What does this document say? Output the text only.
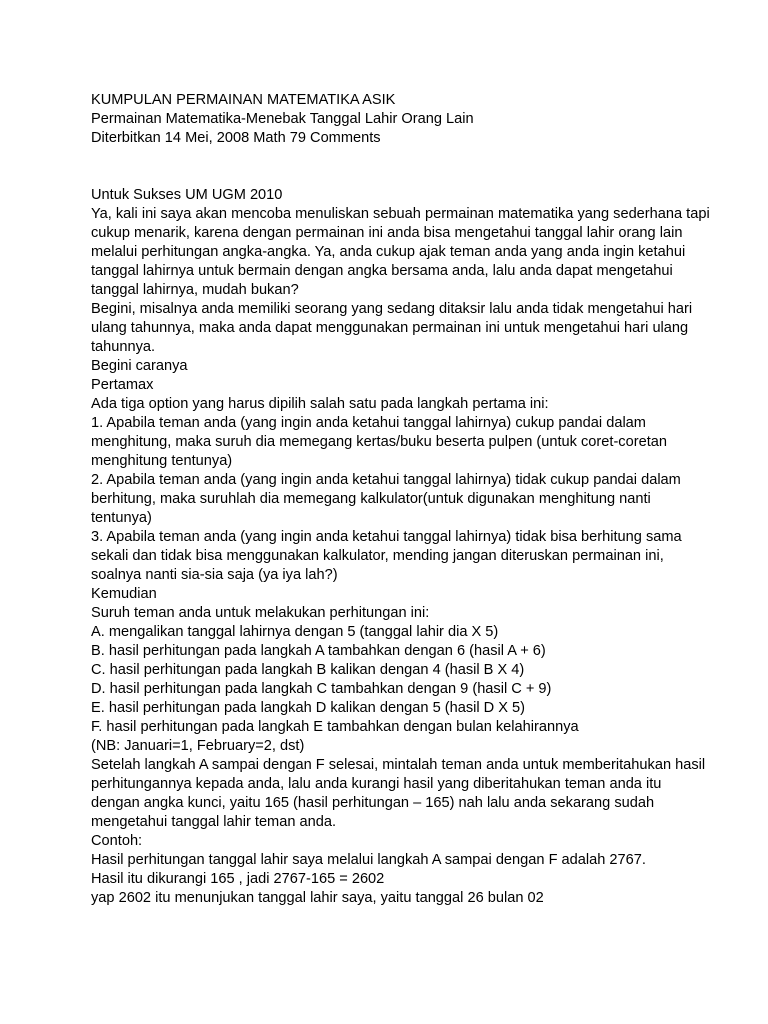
KUMPULAN PERMAINAN MATEMATIKA ASIK
Permainan Matematika-Menebak Tanggal Lahir Orang Lain
Diterbitkan 14 Mei, 2008 Math 79 Comments
Untuk Sukses UM UGM 2010
Ya, kali ini saya akan mencoba menuliskan sebuah permainan matematika yang sederhana tapi
cukup menarik, karena dengan permainan ini anda bisa mengetahui tanggal lahir orang lain
melalui perhitungan angka-angka. Ya, anda cukup ajak teman anda yang anda ingin ketahui
tanggal lahirnya untuk bermain dengan angka bersama anda, lalu anda dapat mengetahui
tanggal lahirnya, mudah bukan?
Begini, misalnya anda memiliki seorang yang sedang ditaksir lalu anda tidak mengetahui hari
ulang tahunnya, maka anda dapat menggunakan permainan ini untuk mengetahui hari ulang
tahunnya.
Begini caranya
Pertamax
Ada tiga option yang harus dipilih salah satu pada langkah pertama ini:
1. Apabila teman anda (yang ingin anda ketahui tanggal lahirnya) cukup pandai dalam
menghitung, maka suruh dia memegang kertas/buku beserta pulpen (untuk coret-coretan
menghitung tentunya)
2. Apabila teman anda (yang ingin anda ketahui tanggal lahirnya) tidak cukup pandai dalam
berhitung, maka suruhlah dia memegang kalkulator(untuk digunakan menghitung nanti
tentunya)
3. Apabila teman anda (yang ingin anda ketahui tanggal lahirnya) tidak bisa berhitung sama
sekali dan tidak bisa menggunakan kalkulator, mending jangan diteruskan permainan ini,
soalnya nanti sia-sia saja (ya iya lah?)
Kemudian
Suruh teman anda untuk melakukan perhitungan ini:
A. mengalikan tanggal lahirnya dengan 5 (tanggal lahir dia X 5)
B. hasil perhitungan pada langkah A tambahkan dengan 6 (hasil A + 6)
C. hasil perhitungan pada langkah B kalikan dengan 4 (hasil B X 4)
D. hasil perhitungan pada langkah C tambahkan dengan 9 (hasil C + 9)
E. hasil perhitungan pada langkah D kalikan dengan 5 (hasil D X 5)
F. hasil perhitungan pada langkah E tambahkan dengan bulan kelahirannya
(NB: Januari=1, February=2, dst)
Setelah langkah A sampai dengan F selesai, mintalah teman anda untuk memberitahukan hasil
perhitungannya kepada anda, lalu anda kurangi hasil yang diberitahukan teman anda itu
dengan angka kunci, yaitu 165 (hasil perhitungan – 165) nah lalu anda sekarang sudah
mengetahui tanggal lahir teman anda.
Contoh:
Hasil perhitungan tanggal lahir saya melalui langkah A sampai dengan F adalah 2767.
Hasil itu dikurangi 165 , jadi 2767-165 = 2602
yap 2602 itu menunjukan tanggal lahir saya, yaitu tanggal 26 bulan 02
